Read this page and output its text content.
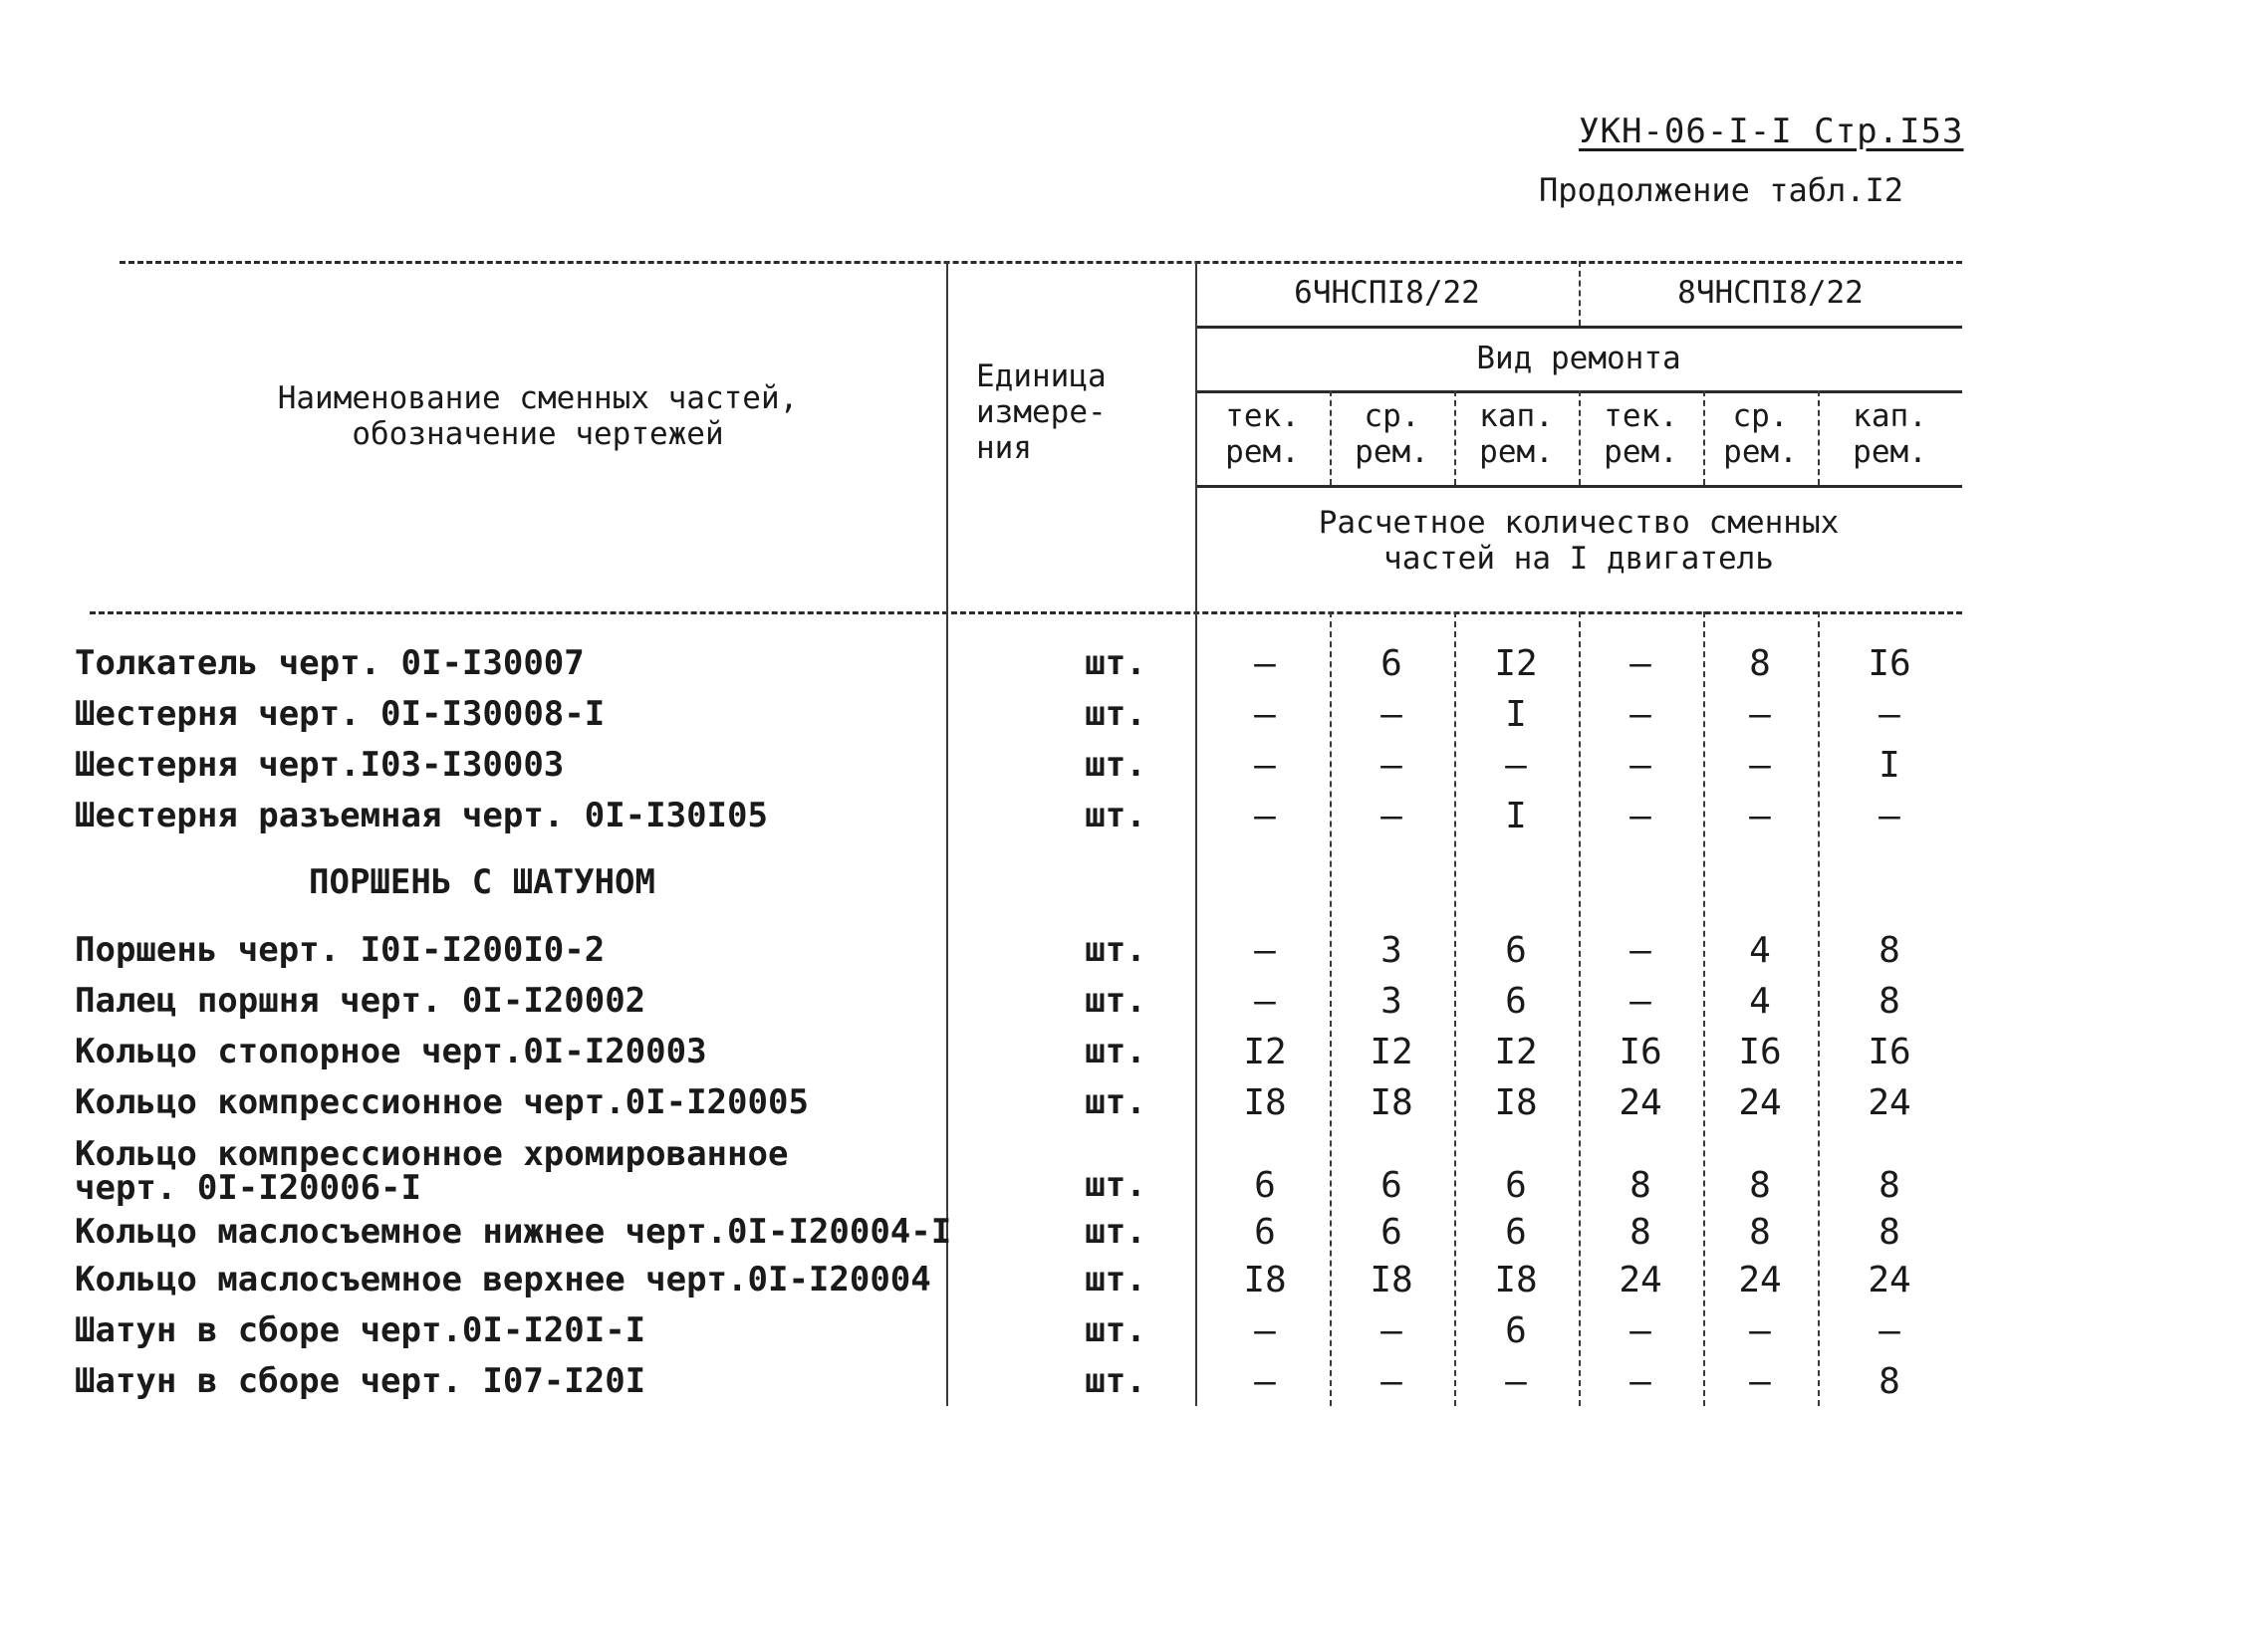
УКН-06-I-I Стр.I53
Продолжение табл.I2
Наименование сменных частей,
обозначение чертежей
Единица
измере-
ния
6ЧНСПI8/22	8ЧНСПI8/22
Вид ремонта
тек.
рем.
ср.
рем.
кап.
рем.
тек.
рем.
ср.
рем.
кап.
рем.
Расчетное количество сменных
частей на I двигатель
Толкатель черт. 0I-I30007	шт.	–	6	I2	–	8	I6
Шестерня черт. 0I-I30008-I	шт.	–	–	I	–	–	–
Шестерня черт.I03-I30003	шт.	–	–	–	–	–	I
Шестерня разъемная черт. 0I-I30I05	шт.	–	–	I	–	–	–
ПОРШЕНЬ С ШАТУНОМ
Поршень черт. I0I-I200I0-2	шт.	–	3	6	–	4	8
Палец поршня черт. 0I-I20002	шт.	–	3	6	–	4	8
Кольцо стопорное черт.0I-I20003	шт.	I2	I2	I2	I6	I6	I6
Кольцо компрессионное черт.0I-I20005	шт.	I8	I8	I8	24	24	24
Кольцо компрессионное хромированное
черт. 0I-I20006-I	шт.	6	6	6	8	8	8
Кольцо маслосъемное нижнее черт.0I-I20004-I	шт.	6	6	6	8	8	8
Кольцо маслосъемное верхнее черт.0I-I20004	шт.	I8	I8	I8	24	24	24
Шатун в сборе черт.0I-I20I-I	шт.	–	–	6	–	–	–
Шатун в сборе черт. I07-I20I	шт.	–	–	–	–	–	8
